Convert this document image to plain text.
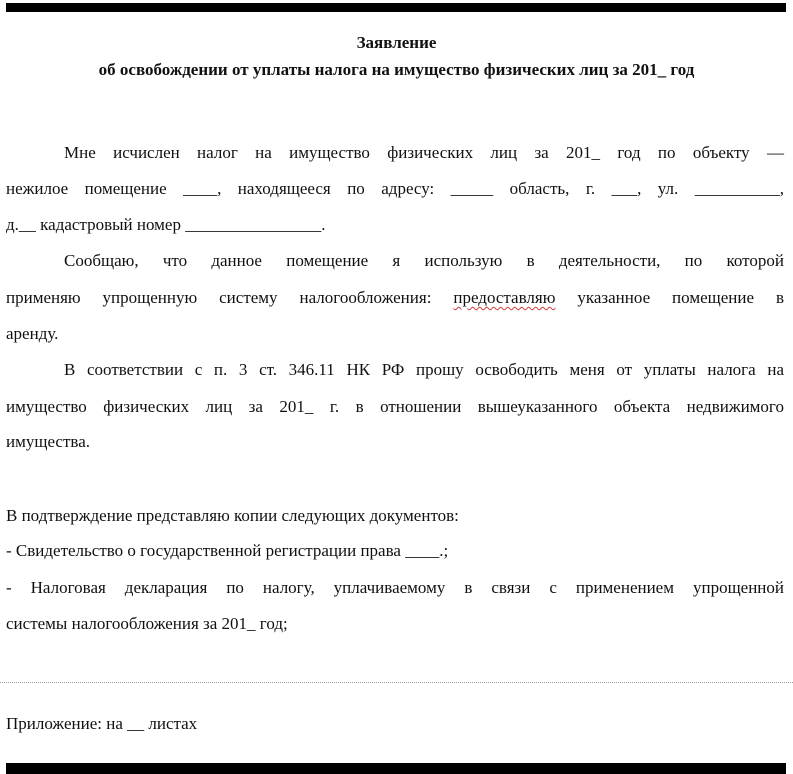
Заявление
об освобождении от уплаты налога на имущество физических лиц за 201_ год
Мне исчислен налог на имущество физических лиц за 201_ год по объекту —
нежилое помещение ____, находящееся по адресу: _____ область, г. ___, ул. __________,
д.__ кадастровый номер ________________.
Сообщаю, что данное помещение я использую в деятельности, по которой
применяю упрощенную систему налогообложения: предоставляю указанное помещение в
аренду.
В соответствии с п. 3 ст. 346.11 НК РФ прошу освободить меня от уплаты налога на
имущество физических лиц за 201_ г. в отношении вышеуказанного объекта недвижимого
имущества.
В подтверждение представляю копии следующих документов:
- Свидетельство о государственной регистрации права ____.;
- Налоговая декларация по налогу, уплачиваемому в связи с применением упрощенной
системы налогообложения за 201_ год;
Приложение: на __ листах
